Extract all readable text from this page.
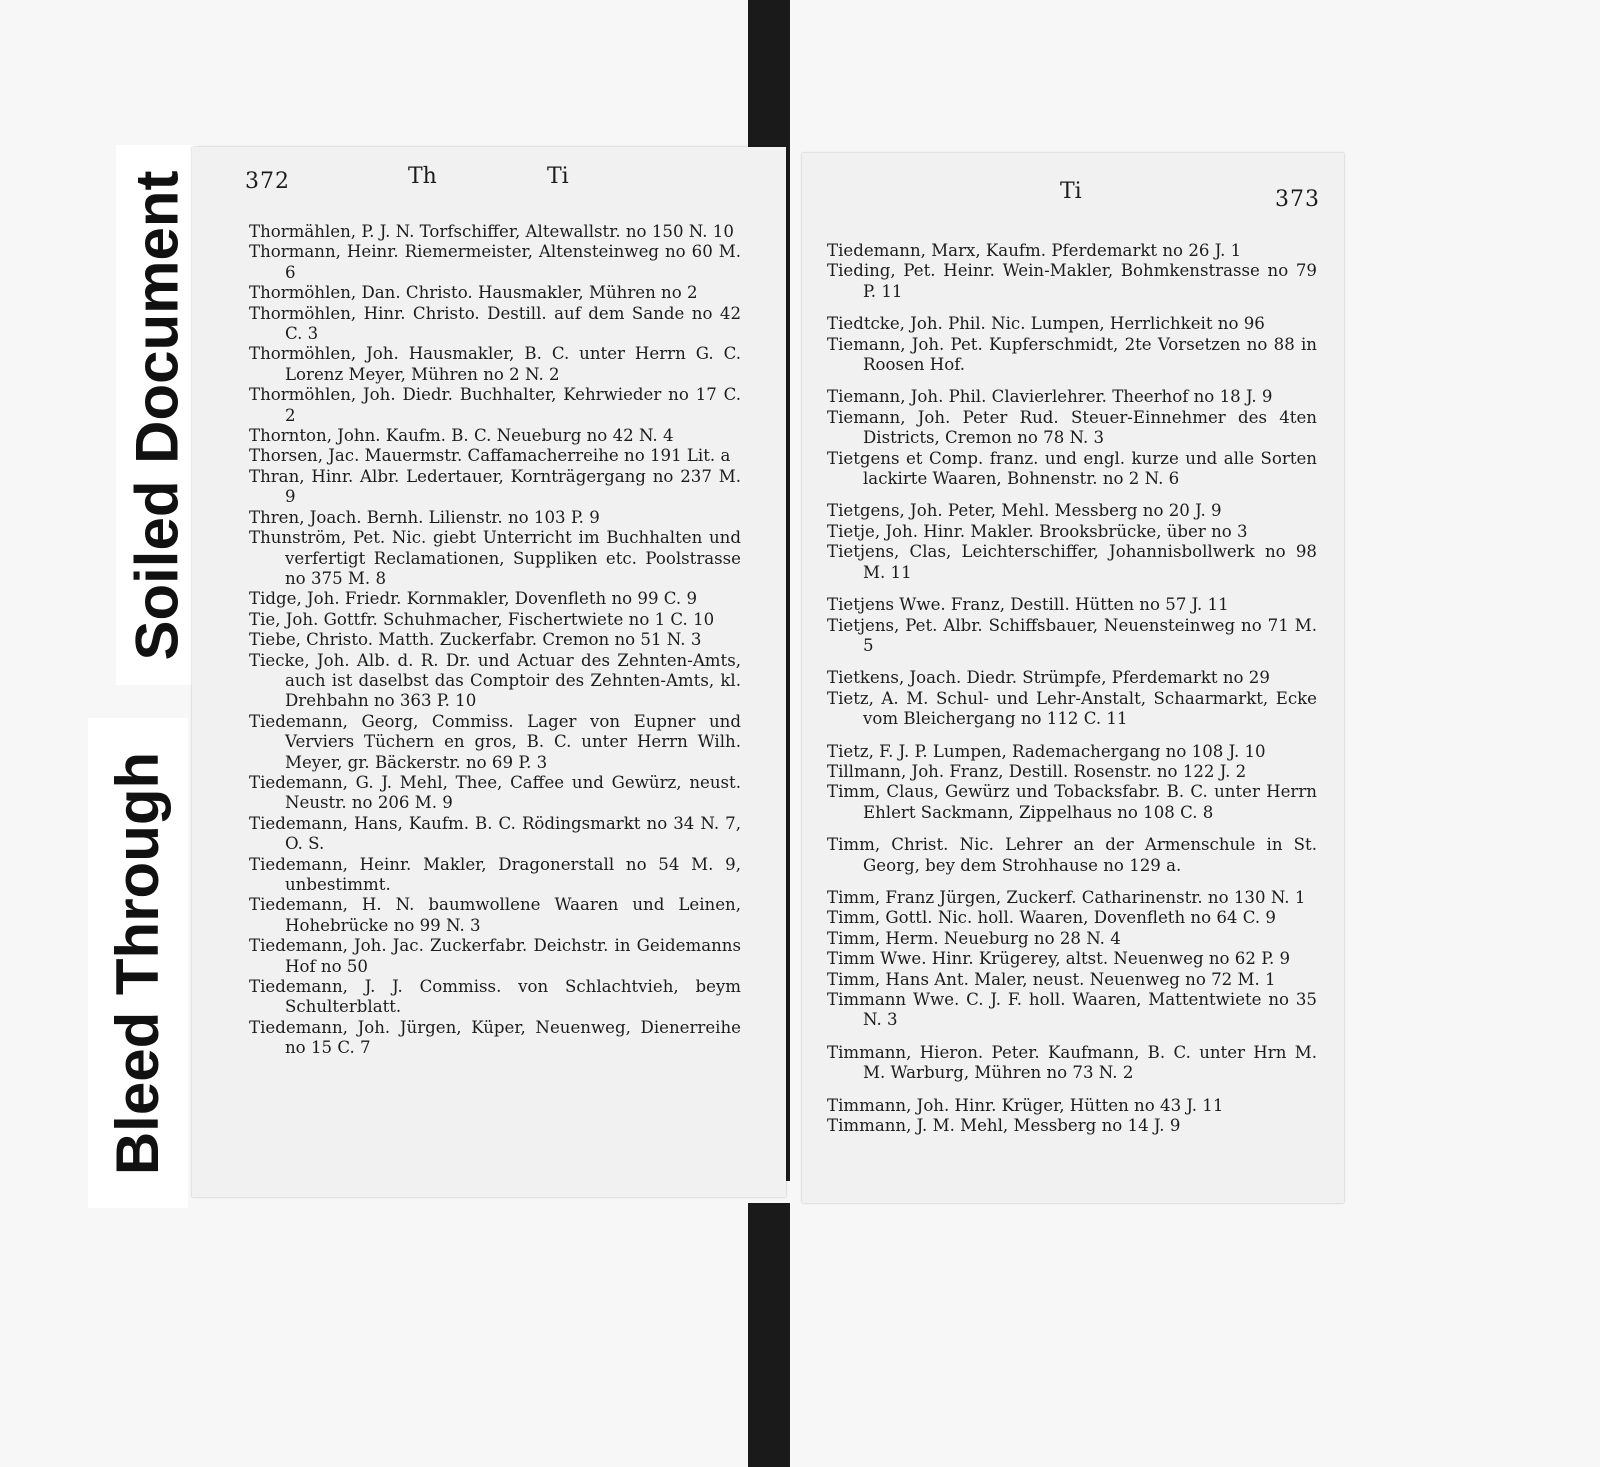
Soiled Document
Bleed Through
372	Th	Ti
Thormählen, P. J. N. Torfschiffer, Altewallstr. no 150 N. 10
Thormann, Heinr. Riemermeister, Altensteinweg no 60 M. 6
Thormöhlen, Dan. Christo. Hausmakler, Mühren no 2
Thormöhlen, Hinr. Christo. Destill. auf dem Sande no 42 C. 3
Thormöhlen, Joh. Hausmakler, B. C. unter Herrn G. C. Lorenz Meyer, Mühren no 2 N. 2
Thormöhlen, Joh. Diedr. Buchhalter, Kehrwieder no 17 C. 2
Thornton, John. Kaufm. B. C. Neueburg no 42 N. 4
Thorsen, Jac. Mauermstr. Caffamacherreihe no 191 Lit. a
Thran, Hinr. Albr. Ledertauer, Kornträgergang no 237 M. 9
Thren, Joach. Bernh. Lilienstr. no 103 P. 9
Thunström, Pet. Nic. giebt Unterricht im Buchhalten und verfertigt Reclamationen, Suppliken etc. Poolstrasse no 375 M. 8
Tidge, Joh. Friedr. Kornmakler, Dovenfleth no 99 C. 9
Tie, Joh. Gottfr. Schuhmacher, Fischertwiete no 1 C. 10
Tiebe, Christo. Matth. Zuckerfabr. Cremon no 51 N. 3
Tiecke, Joh. Alb. d. R. Dr. und Actuar des Zehnten-Amts, auch ist daselbst das Comptoir des Zehnten-Amts, kl. Drehbahn no 363 P. 10
Tiedemann, Georg, Commiss. Lager von Eupner und Verviers Tüchern en gros, B. C. unter Herrn Wilh. Meyer, gr. Bäckerstr. no 69 P. 3
Tiedemann, G. J. Mehl, Thee, Caffee und Gewürz, neust. Neustr. no 206 M. 9
Tiedemann, Hans, Kaufm. B. C. Rödingsmarkt no 34 N. 7, O. S.
Tiedemann, Heinr. Makler, Dragonerstall no 54 M. 9, unbestimmt.
Tiedemann, H. N. baumwollene Waaren und Leinen, Hohebrücke no 99 N. 3
Tiedemann, Joh. Jac. Zuckerfabr. Deichstr. in Geidemanns Hof no 50
Tiedemann, J. J. Commiss. von Schlachtvieh, beym Schulterblatt.
Tiedemann, Joh. Jürgen, Küper, Neuenweg, Dienerreihe no 15 C. 7
Ti	373
Tiedemann, Marx, Kaufm. Pferdemarkt no 26 J. 1
Tieding, Pet. Heinr. Wein-Makler, Bohmkenstrasse no 79 P. 11
Tiedtcke, Joh. Phil. Nic. Lumpen, Herrlichkeit no 96
Tiemann, Joh. Pet. Kupferschmidt, 2te Vorsetzen no 88 in Roosen Hof.
Tiemann, Joh. Phil. Clavierlehrer. Theerhof no 18 J. 9
Tiemann, Joh. Peter Rud. Steuer-Einnehmer des 4ten Districts, Cremon no 78 N. 3
Tietgens et Comp. franz. und engl. kurze und alle Sorten lackirte Waaren, Bohnenstr. no 2 N. 6
Tietgens, Joh. Peter, Mehl. Messberg no 20 J. 9
Tietje, Joh. Hinr. Makler. Brooksbrücke, über no 3
Tietjens, Clas, Leichterschiffer, Johannisbollwerk no 98 M. 11
Tietjens Wwe. Franz, Destill. Hütten no 57 J. 11
Tietjens, Pet. Albr. Schiffsbauer, Neuensteinweg no 71 M. 5
Tietkens, Joach. Diedr. Strümpfe, Pferdemarkt no 29
Tietz, A. M. Schul- und Lehr-Anstalt, Schaarmarkt, Ecke vom Bleichergang no 112 C. 11
Tietz, F. J. P. Lumpen, Rademachergang no 108 J. 10
Tillmann, Joh. Franz, Destill. Rosenstr. no 122 J. 2
Timm, Claus, Gewürz und Tobacksfabr. B. C. unter Herrn Ehlert Sackmann, Zippelhaus no 108 C. 8
Timm, Christ. Nic. Lehrer an der Armenschule in St. Georg, bey dem Strohhause no 129 a.
Timm, Franz Jürgen, Zuckerf. Catharinenstr. no 130 N. 1
Timm, Gottl. Nic. holl. Waaren, Dovenfleth no 64 C. 9
Timm, Herm. Neueburg no 28 N. 4
Timm Wwe. Hinr. Krügerey, altst. Neuenweg no 62 P. 9
Timm, Hans Ant. Maler, neust. Neuenweg no 72 M. 1
Timmann Wwe. C. J. F. holl. Waaren, Mattentwiete no 35 N. 3
Timmann, Hieron. Peter. Kaufmann, B. C. unter Hrn M. M. Warburg, Mühren no 73 N. 2
Timmann, Joh. Hinr. Krüger, Hütten no 43 J. 11
Timmann, J. M. Mehl, Messberg no 14 J. 9
